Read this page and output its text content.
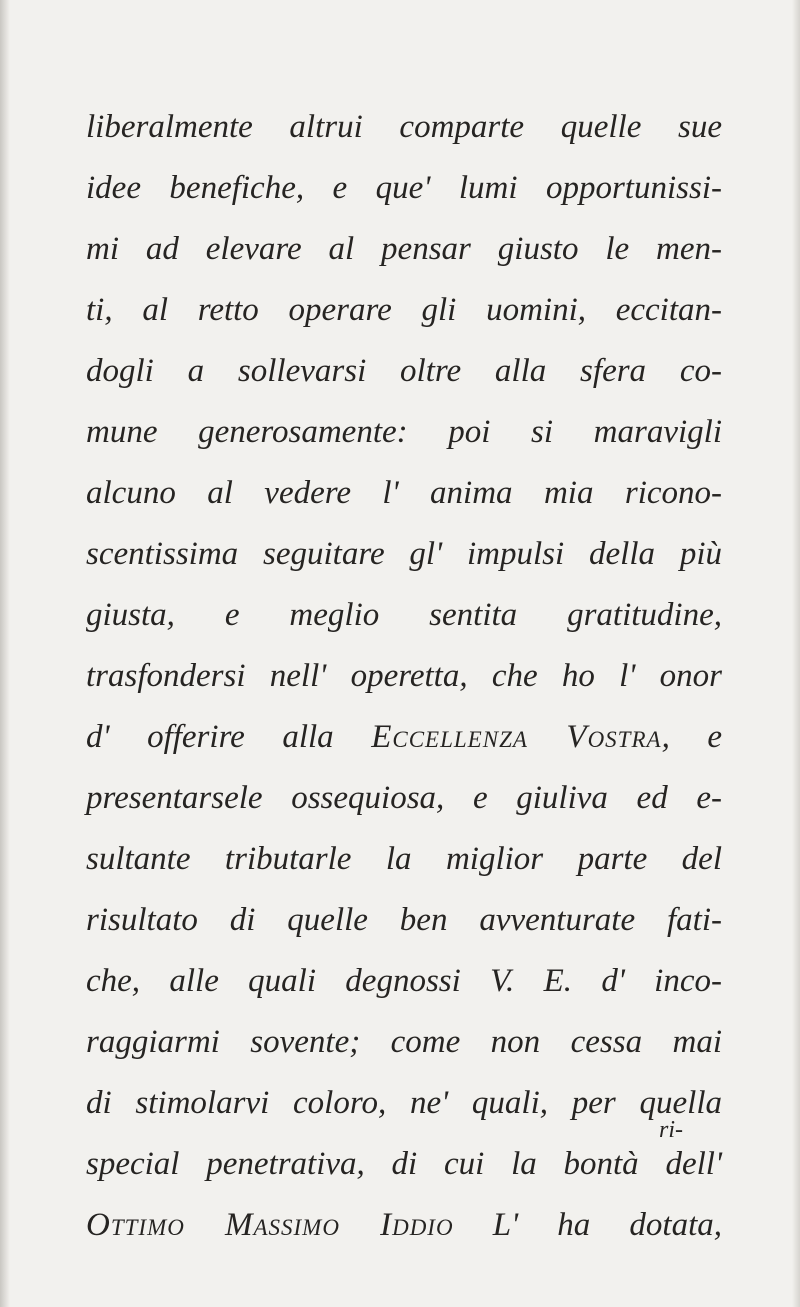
liberalmente altrui comparte quelle sue
idee benefiche, e que' lumi opportunissi-
mi ad elevare al pensar giusto le men-
ti, al retto operare gli uomini, eccitan-
dogli a sollevarsi oltre alla sfera co-
mune generosamente: poi si maravigli
alcuno al vedere l' anima mia ricono-
scentissima seguitare gl' impulsi della più
giusta, e meglio sentita gratitudine,
trasfondersi nell' operetta, che ho l' onor
d' offerire alla Eccellenza Vostra, e
presentarsele ossequiosa, e giuliva ed e-
sultante tributarle la miglior parte del
risultato di quelle ben avventurate fati-
che, alle quali degnossi V. E. d' inco-
raggiarmi sovente; come non cessa mai
di stimolarvi coloro, ne' quali, per quella
special penetrativa, di cui la bontà dell'
Ottimo Massimo Iddio L' ha dotata,
ri-
